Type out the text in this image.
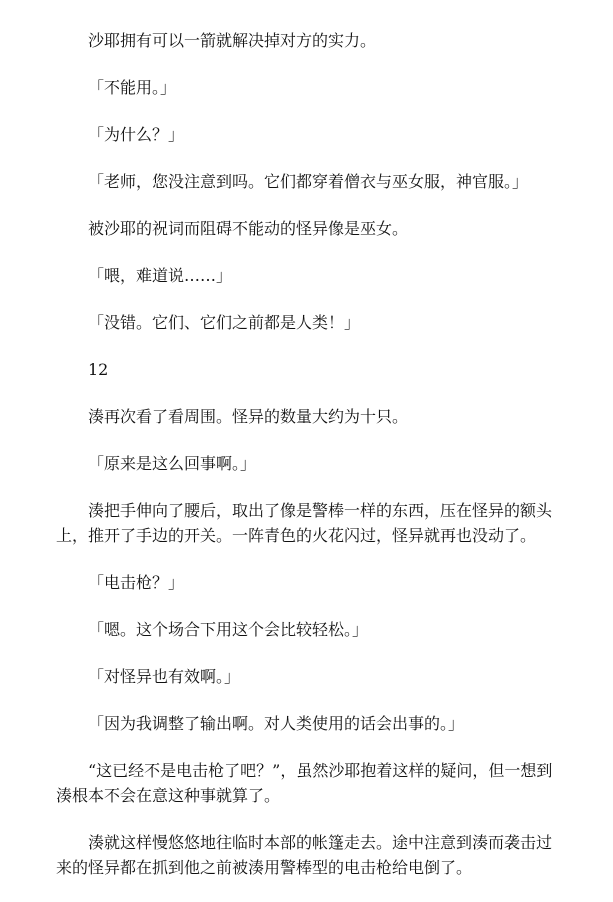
沙耶拥有可以一箭就解决掉对方的实力。

「不能用。」

「为什么？」

「老师，您没注意到吗。它们都穿着僧衣与巫女服，神官服。」

被沙耶的祝词而阻碍不能动的怪异像是巫女。

「喂，难道说……」

「没错。它们、它们之前都是人类！」

12

湊再次看了看周围。怪异的数量大约为十只。

「原来是这么回事啊。」

湊把手伸向了腰后，取出了像是警棒一样的东西，压在怪异的额头上，推开了手边的开关。一阵青色的火花闪过，怪异就再也没动了。

「电击枪？」

「嗯。这个场合下用这个会比较轻松。」

「对怪异也有效啊。」

「因为我调整了输出啊。对人类使用的话会出事的。」

“这已经不是电击枪了吧？”，虽然沙耶抱着这样的疑问，但一想到湊根本不会在意这种事就算了。

湊就这样慢悠悠地往临时本部的帐篷走去。途中注意到湊而袭击过来的怪异都在抓到他之前被湊用警棒型的电击枪给电倒了。
